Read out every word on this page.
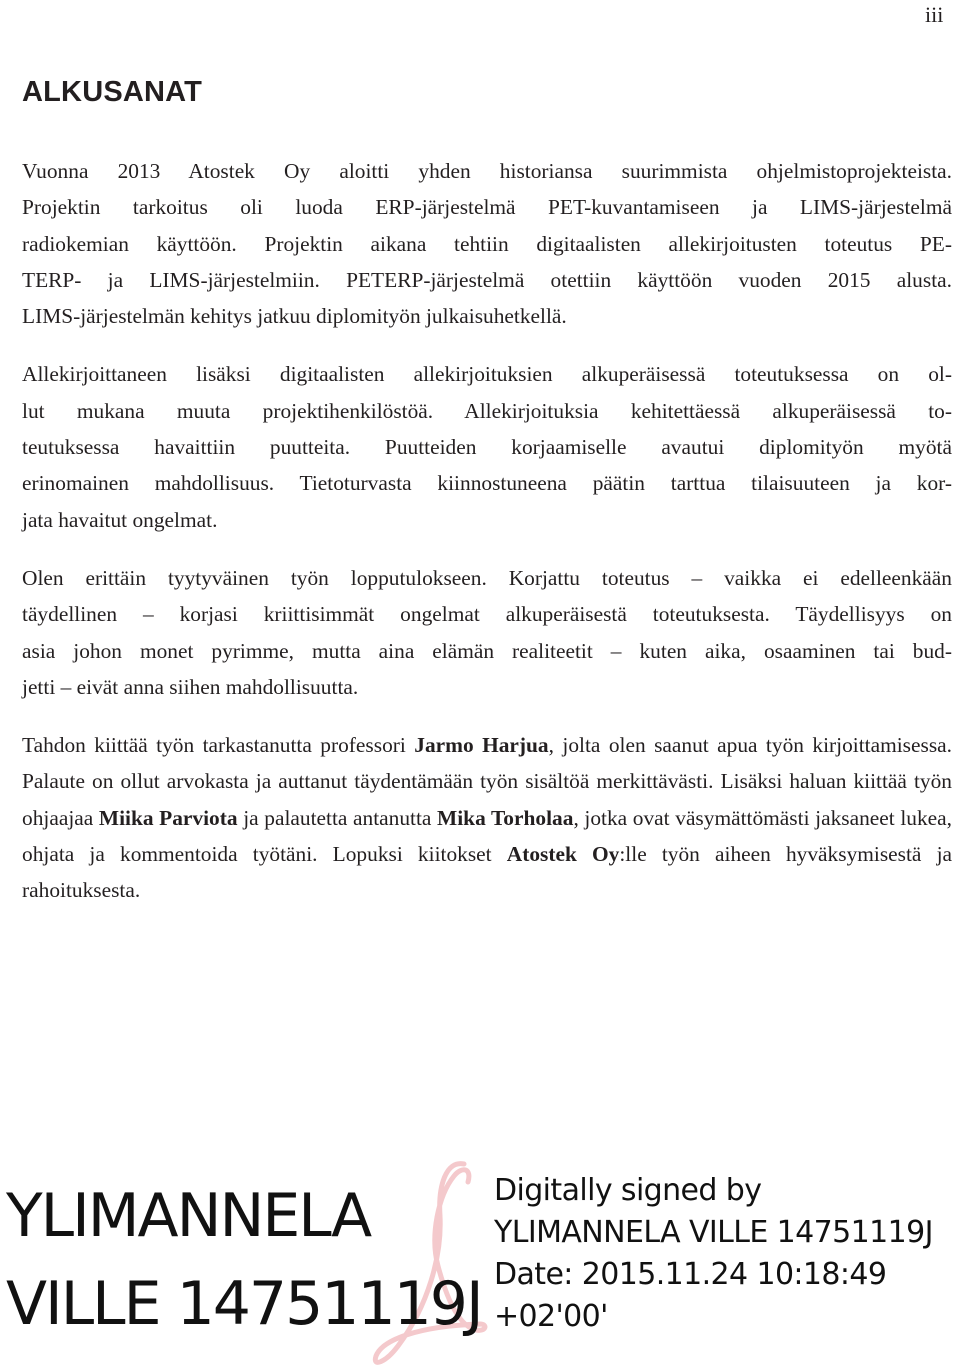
iii
ALKUSANAT

Vuonna 2013 Atostek Oy aloitti yhden historiansa suurimmista ohjelmistoprojekteista.
Projektin tarkoitus oli luoda ERP-järjestelmä PET-kuvantamiseen ja LIMS-järjestelmä
radiokemian käyttöön. Projektin aikana tehtiin digitaalisten allekirjoitusten toteutus PE-
TERP- ja LIMS-järjestelmiin. PETERP-järjestelmä otettiin käyttöön vuoden 2015 alusta.
LIMS-järjestelmän kehitys jatkuu diplomityön julkaisuhetkellä.

Allekirjoittaneen lisäksi digitaalisten allekirjoituksien alkuperäisessä toteutuksessa on ol-
lut mukana muuta projektihenkilöstöä. Allekirjoituksia kehitettäessä alkuperäisessä to-
teutuksessa havaittiin puutteita. Puutteiden korjaamiselle avautui diplomityön myötä
erinomainen mahdollisuus. Tietoturvasta kiinnostuneena päätin tarttua tilaisuuteen ja kor-
jata havaitut ongelmat.

Olen erittäin tyytyväinen työn lopputulokseen. Korjattu toteutus – vaikka ei edelleenkään
täydellinen – korjasi kriittisimmät ongelmat alkuperäisestä toteutuksesta. Täydellisyys on
asia johon monet pyrimme, mutta aina elämän realiteetit – kuten aika, osaaminen tai bud-
jetti – eivät anna siihen mahdollisuutta.

Tahdon kiittää työn tarkastanutta professori Jarmo Harjua, jolta olen saanut apua työn kirjoittamisessa. Palaute on ollut arvokasta ja auttanut täydentämään työn sisältöä merkittävästi. Lisäksi haluan kiittää työn ohjaajaa Miika Parviota ja palautetta antanutta Mika Torholaa, jotka ovat väsymättömästi jaksaneet lukea, ohjata ja kommentoida työtäni. Lopuksi kiitokset Atostek Oy:lle työn aiheen hyväksymisestä ja rahoituksesta.

YLIMANNELA
VILLE 14751119J
Digitally signed by
YLIMANNELA VILLE 14751119J
Date: 2015.11.24 10:18:49
+02'00'
